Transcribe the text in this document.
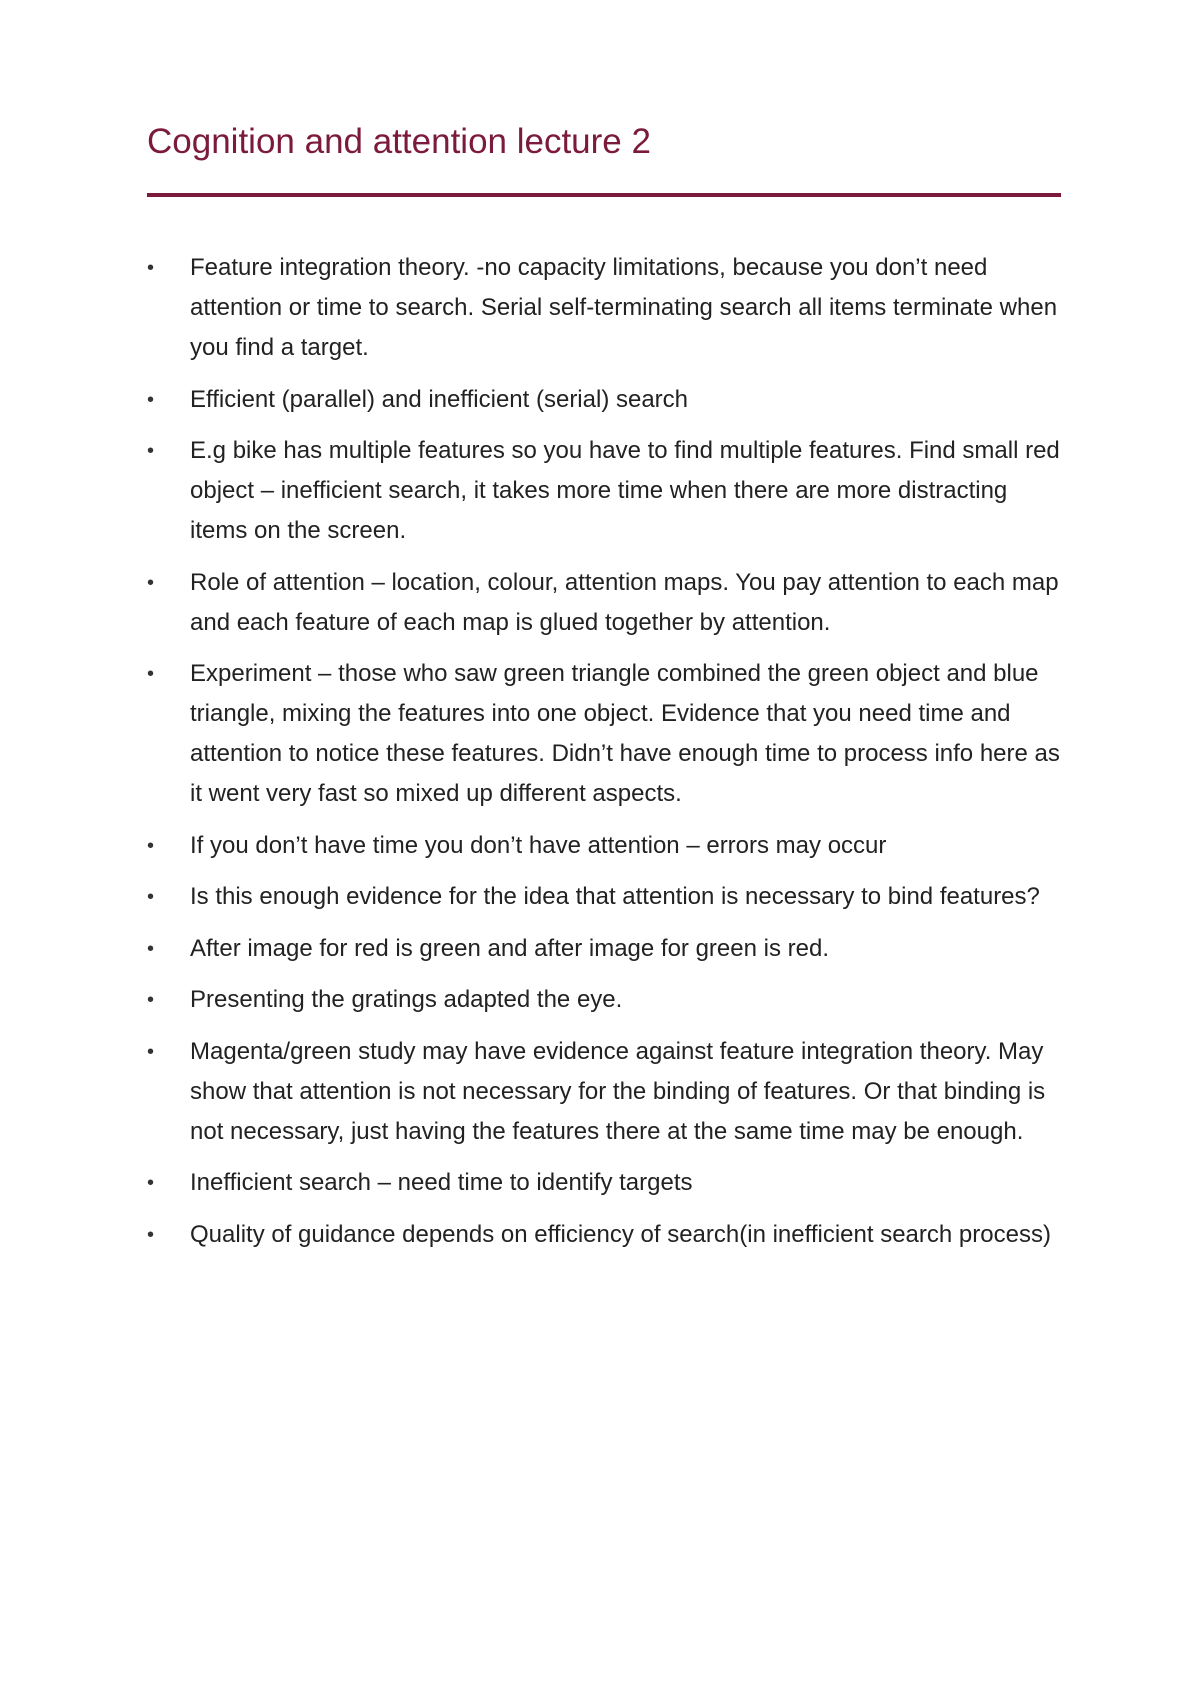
Cognition and attention lecture 2
•	Feature integration theory. -no capacity limitations, because you don’t need attention or time to search. Serial self-terminating search all items terminate when you find a target.
•	Efficient (parallel) and inefficient (serial) search
•	E.g bike has multiple features so you have to find multiple features. Find small red object – inefficient search, it takes more time when there are more distracting items on the screen.
•	Role of attention – location, colour, attention maps. You pay attention to each map and each feature of each map is glued together by attention.
•	Experiment – those who saw green triangle combined the green object and blue triangle, mixing the features into one object. Evidence that you need time and attention to notice these features. Didn’t have enough time to process info here as it went very fast so mixed up different aspects.
•	If you don’t have time you don’t have attention – errors may occur
•	Is this enough evidence for the idea that attention is necessary to bind features?
•	After image for red is green and after image for green is red.
•	Presenting the gratings adapted the eye.
•	Magenta/green study may have evidence against feature integration theory. May show that attention is not necessary for the binding of features. Or that binding is not necessary, just having the features there at the same time may be enough.
•	Inefficient search – need time to identify targets
•	Quality of guidance depends on efficiency of search(in inefficient search process)
